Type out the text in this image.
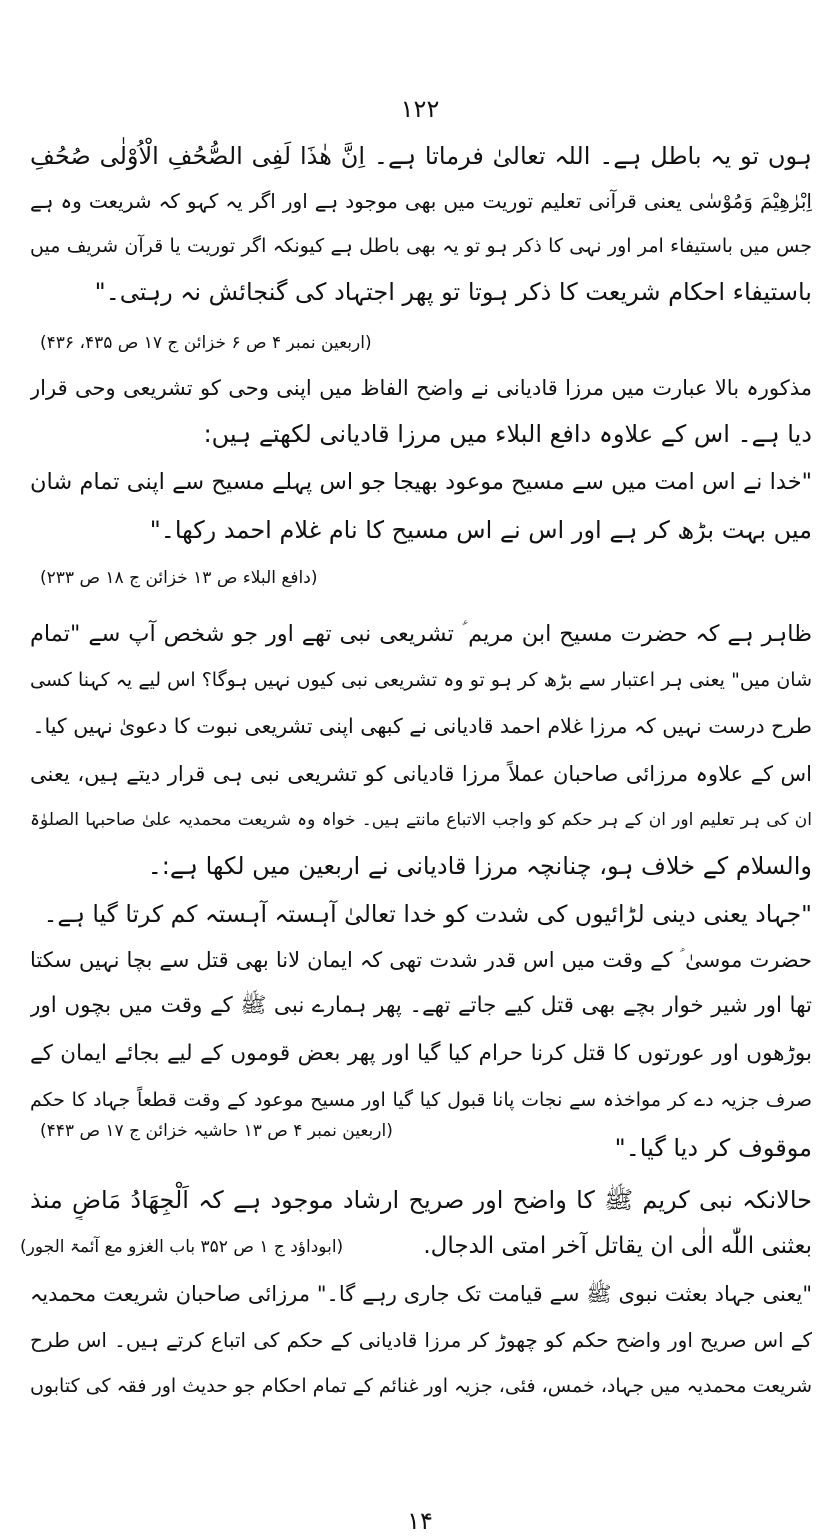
۱۲۲
ہوں تو یہ باطل ہے۔ اللہ تعالیٰ فرماتا ہے۔ اِنَّ هٰذَا لَفِی الصُّحُفِ الْاُوْلٰی صُحُفِ
اِبْرٰهِیْمَ وَمُوْسٰی یعنی قرآنی تعلیم توریت میں بھی موجود ہے اور اگر یہ کہو کہ شریعت وہ ہے
جس میں باستیفاء امر اور نہی کا ذکر ہو تو یہ بھی باطل ہے کیونکہ اگر توریت یا قرآن شریف میں
باستیفاء احکام شریعت کا ذکر ہوتا تو پھر اجتہاد کی گنجائش نہ رہتی۔"
(اربعین نمبر ۴ ص ۶ خزائن ج ۱۷ ص ۴۳۵، ۴۳۶)
مذکورہ بالا عبارت میں مرزا قادیانی نے واضح الفاظ میں اپنی وحی کو تشریعی وحی قرار
دیا ہے۔ اس کے علاوہ دافع البلاء میں مرزا قادیانی لکھتے ہیں:
"خدا نے اس امت میں سے مسیح موعود بھیجا جو اس پہلے مسیح سے اپنی تمام شان
میں بہت بڑھ کر ہے اور اس نے اس مسیح کا نام غلام احمد رکھا۔"
(دافع البلاء ص ۱۳ خزائن ج ۱۸ ص ۲۳۳)
ظاہر ہے کہ حضرت مسیح ابن مریم ؑ تشریعی نبی تھے اور جو شخص آپ سے "تمام
شان میں" یعنی ہر اعتبار سے بڑھ کر ہو تو وہ تشریعی نبی کیوں نہیں ہوگا؟ اس لیے یہ کہنا کسی
طرح درست نہیں کہ مرزا غلام احمد قادیانی نے کبھی اپنی تشریعی نبوت کا دعویٰ نہیں کیا۔
اس کے علاوہ مرزائی صاحبان عملاً مرزا قادیانی کو تشریعی نبی ہی قرار دیتے ہیں، یعنی
ان کی ہر تعلیم اور ان کے ہر حکم کو واجب الاتباع مانتے ہیں۔ خواہ وہ شریعت محمدیہ علیٰ صاحبہا الصلوٰۃ
والسلام کے خلاف ہو، چنانچہ مرزا قادیانی نے اربعین میں لکھا ہے:۔
"جہاد یعنی دینی لڑائیوں کی شدت کو خدا تعالیٰ آہستہ آہستہ کم کرتا گیا ہے۔
حضرت موسیٰ ؑ کے وقت میں اس قدر شدت تھی کہ ایمان لانا بھی قتل سے بچا نہیں سکتا
تھا اور شیر خوار بچے بھی قتل کیے جاتے تھے۔ پھر ہمارے نبی ﷺ کے وقت میں بچوں اور
بوڑھوں اور عورتوں کا قتل کرنا حرام کیا گیا اور پھر بعض قوموں کے لیے بجائے ایمان کے
صرف جزیہ دے کر مواخذہ سے نجات پانا قبول کیا گیا اور مسیح موعود کے وقت قطعاً جہاد کا حکم
(اربعین نمبر ۴ ص ۱۳ حاشیہ خزائن ج ۱۷ ص ۴۴۳)
موقوف کر دیا گیا۔"
حالانکہ نبی کریم ﷺ کا واضح اور صریح ارشاد موجود ہے کہ اَلْجِهَادُ مَاضٍ منذ
بعثنی اللّٰه الٰی ان یقاتل آخر امتی الدجال.
(ابوداؤد ج ۱ ص ۳۵۲ باب الغزو مع آئمۃ الجور)
"یعنی جہاد بعثت نبوی ﷺ سے قیامت تک جاری رہے گا۔" مرزائی صاحبان شریعت محمدیہ
کے اس صریح اور واضح حکم کو چھوڑ کر مرزا قادیانی کے حکم کی اتباع کرتے ہیں۔ اس طرح
شریعت محمدیہ میں جہاد، خمس، فئی، جزیہ اور غنائم کے تمام احکام جو حدیث اور فقہ کی کتابوں
۱۴
